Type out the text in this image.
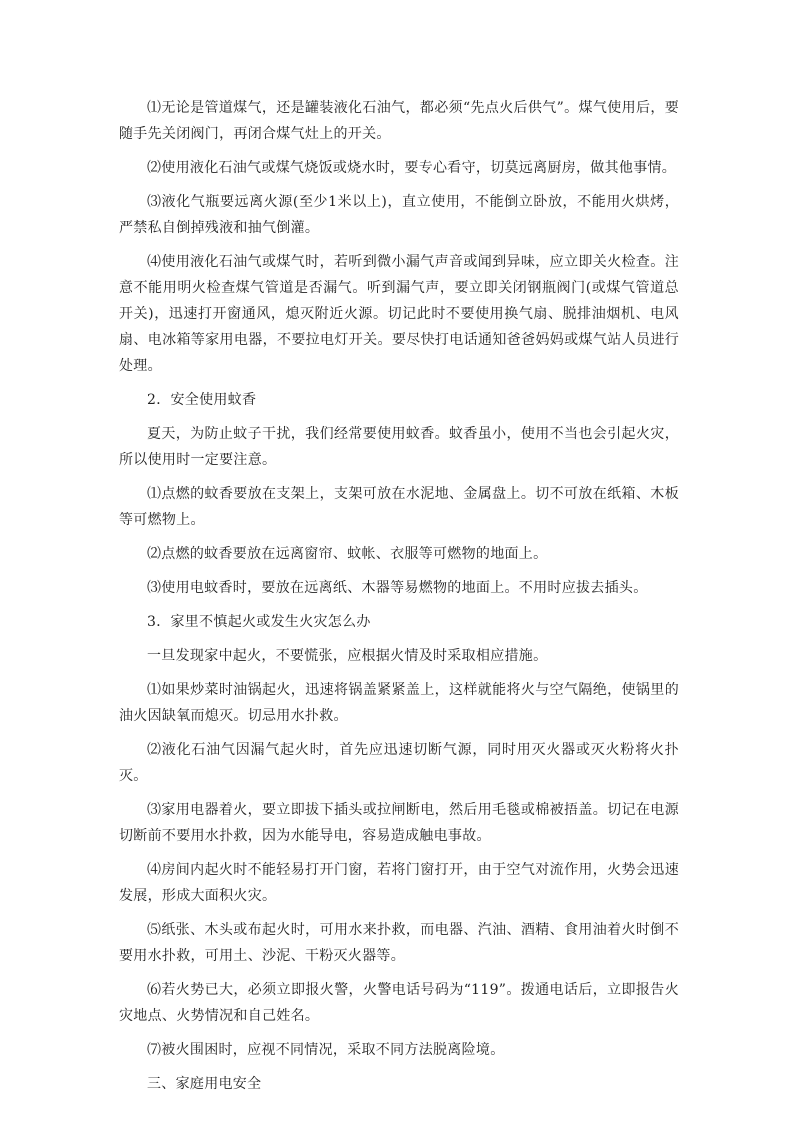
⑴无论是管道煤气，还是罐装液化石油气，都必须“先点火后供气”。煤气使用后，要随手先关闭阀门，再闭合煤气灶上的开关。

⑵使用液化石油气或煤气烧饭或烧水时，要专心看守，切莫远离厨房，做其他事情。

⑶液化气瓶要远离火源(至少1米以上)，直立使用，不能倒立卧放，不能用火烘烤，严禁私自倒掉残液和抽气倒灌。

⑷使用液化石油气或煤气时，若听到微小漏气声音或闻到异味，应立即关火检查。注意不能用明火检查煤气管道是否漏气。听到漏气声，要立即关闭钢瓶阀门(或煤气管道总开关)，迅速打开窗通风，熄灭附近火源。切记此时不要使用换气扇、脱排油烟机、电风扇、电冰箱等家用电器，不要拉电灯开关。要尽快打电话通知爸爸妈妈或煤气站人员进行处理。

2．安全使用蚊香

夏天，为防止蚊子干扰，我们经常要使用蚊香。蚊香虽小，使用不当也会引起火灾，所以使用时一定要注意。

⑴点燃的蚊香要放在支架上，支架可放在水泥地、金属盘上。切不可放在纸箱、木板等可燃物上。

⑵点燃的蚊香要放在远离窗帘、蚊帐、衣服等可燃物的地面上。

⑶使用电蚊香时，要放在远离纸、木器等易燃物的地面上。不用时应拔去插头。

3．家里不慎起火或发生火灾怎么办

一旦发现家中起火，不要慌张，应根据火情及时采取相应措施。

⑴如果炒菜时油锅起火，迅速将锅盖紧紧盖上，这样就能将火与空气隔绝，使锅里的油火因缺氧而熄灭。切忌用水扑救。

⑵液化石油气因漏气起火时，首先应迅速切断气源，同时用灭火器或灭火粉将火扑灭。

⑶家用电器着火，要立即拔下插头或拉闸断电，然后用毛毯或棉被捂盖。切记在电源切断前不要用水扑救，因为水能导电，容易造成触电事故。

⑷房间内起火时不能轻易打开门窗，若将门窗打开，由于空气对流作用，火势会迅速发展，形成大面积火灾。

⑸纸张、木头或布起火时，可用水来扑救，而电器、汽油、酒精、食用油着火时倒不要用水扑救，可用土、沙泥、干粉灭火器等。

⑹若火势已大，必须立即报火警，火警电话号码为“119”。拨通电话后，立即报告火灾地点、火势情况和自己姓名。

⑺被火围困时，应视不同情况，采取不同方法脱离险境。

三、家庭用电安全
